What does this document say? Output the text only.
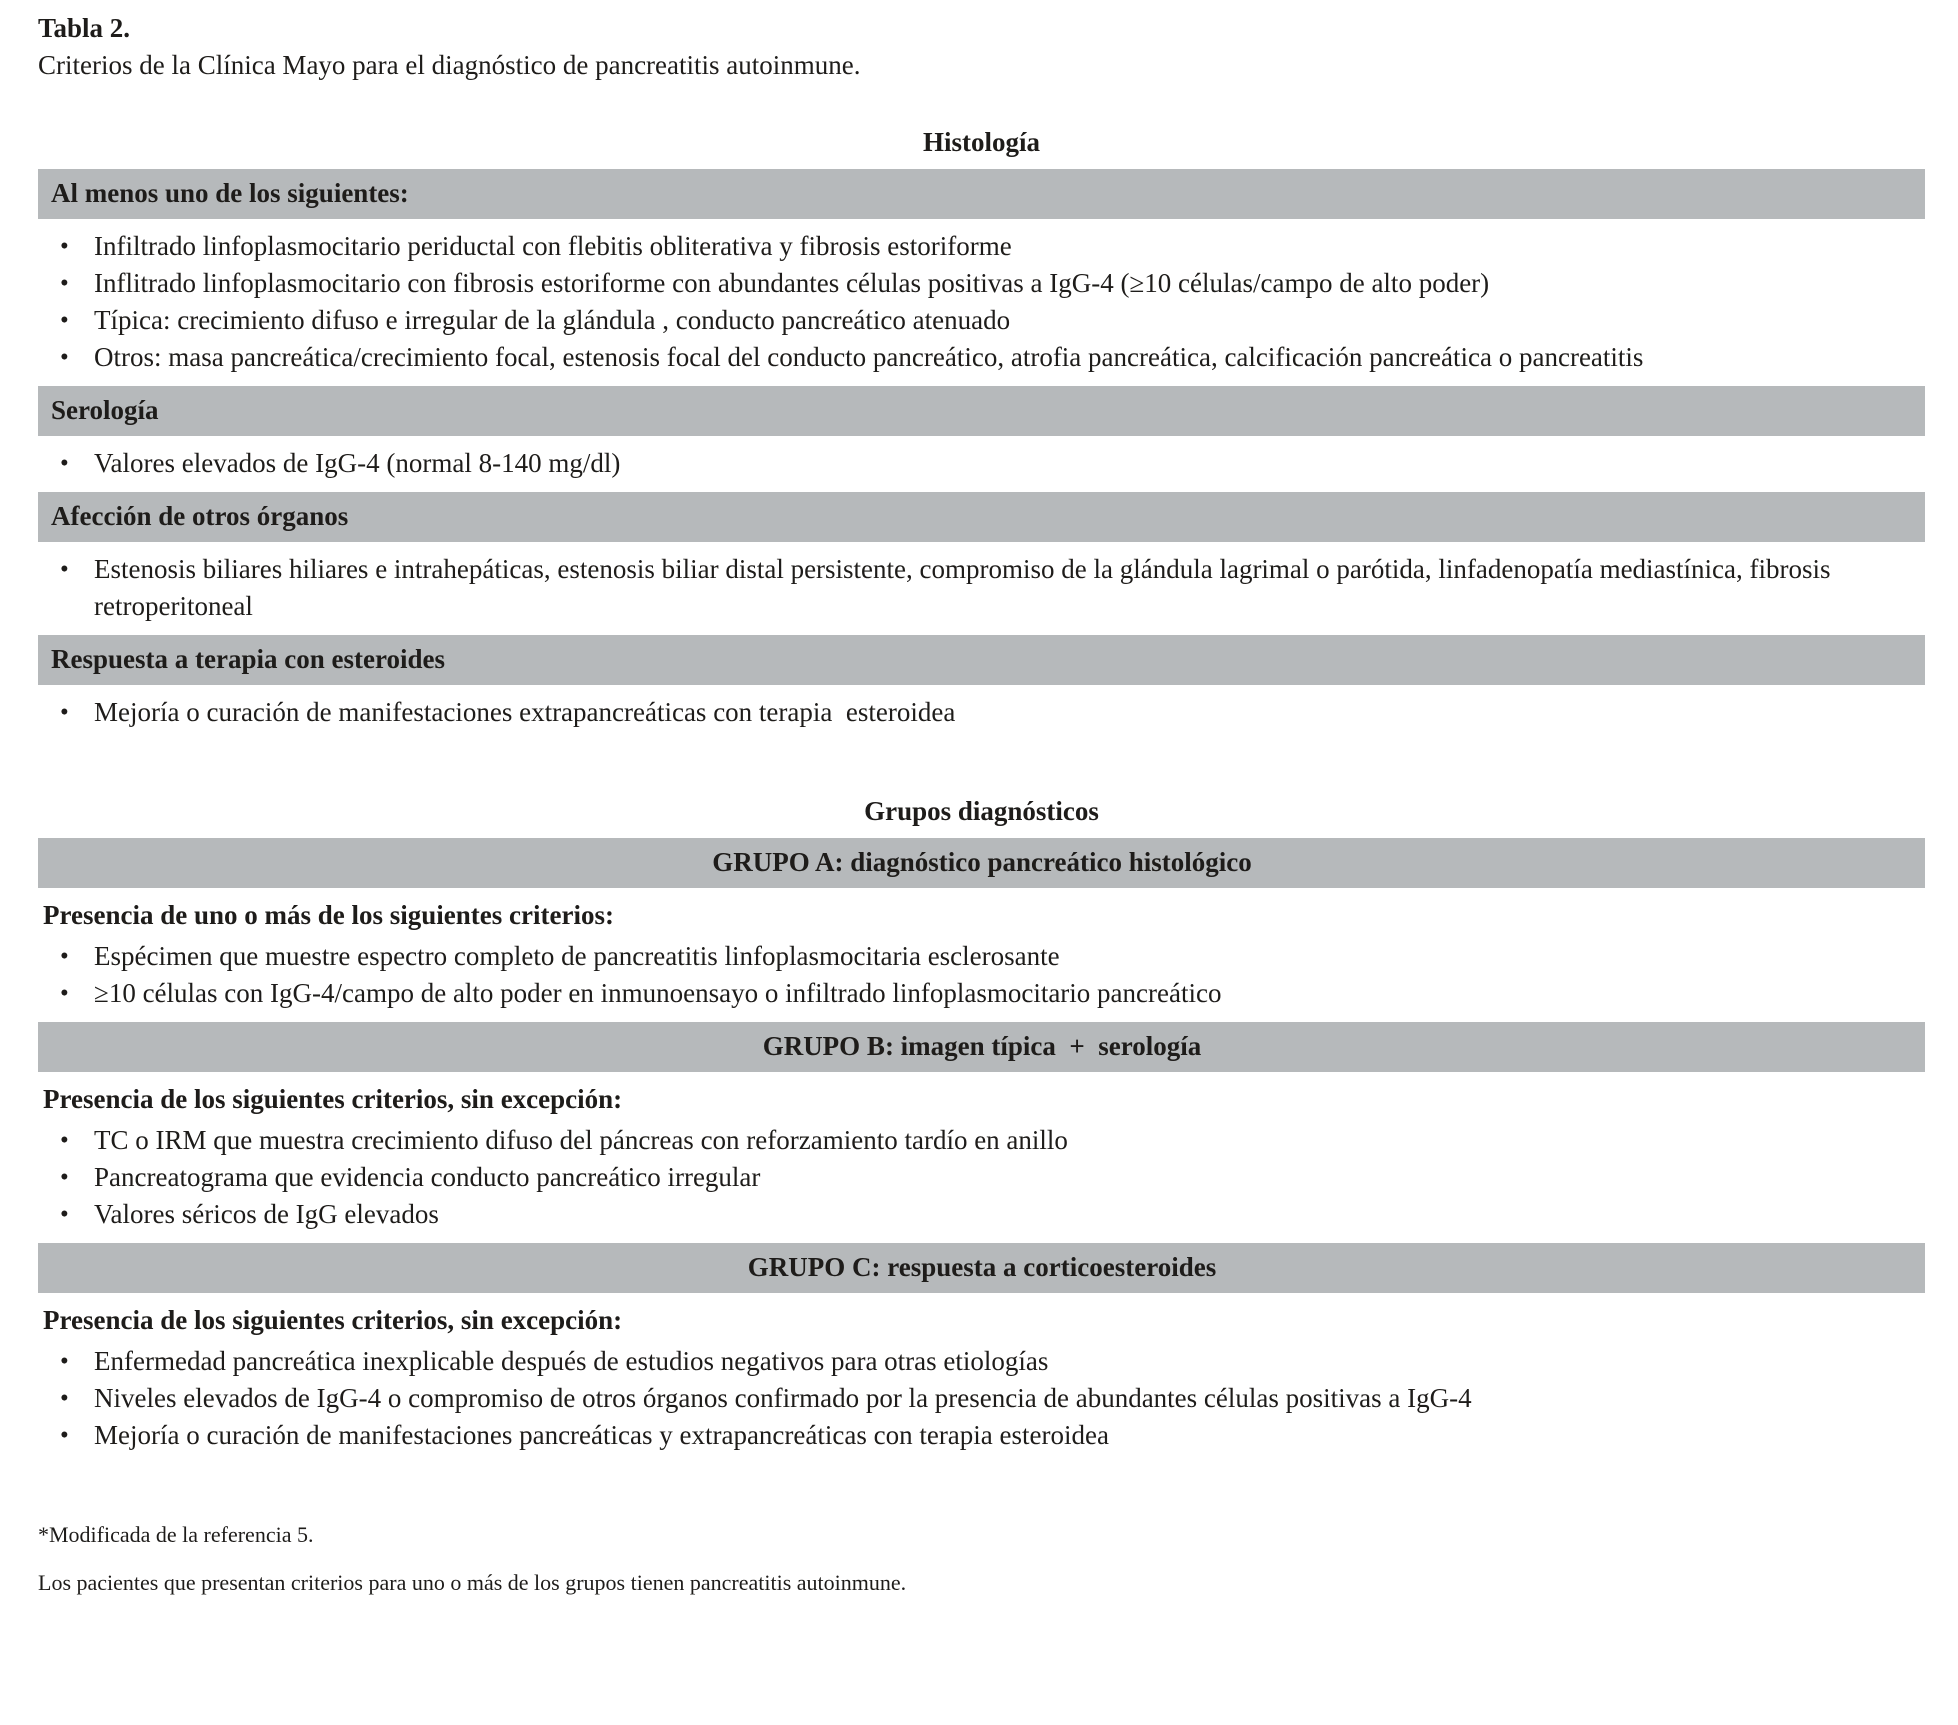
Tabla 2.
Criterios de la Clínica Mayo para el diagnóstico de pancreatitis autoinmune.
Histología
Al menos uno de los siguientes:
• Infiltrado linfoplasmocitario periductal con flebitis obliterativa y fibrosis estoriforme
• Inflitrado linfoplasmocitario con fibrosis estoriforme con abundantes células positivas a IgG-4 (≥10 células/campo de alto poder)
• Típica: crecimiento difuso e irregular de la glándula , conducto pancreático atenuado
• Otros: masa pancreática/crecimiento focal, estenosis focal del conducto pancreático, atrofia pancreática, calcificación pancreática o pancreatitis
Serología
• Valores elevados de IgG-4 (normal 8-140 mg/dl)
Afección de otros órganos
• Estenosis biliares hiliares e intrahepáticas, estenosis biliar distal persistente, compromiso de la glándula lagrimal o parótida, linfadenopatía mediastínica, fibrosis retroperitoneal
Respuesta a terapia con esteroides
• Mejoría o curación de manifestaciones extrapancreáticas con terapia  esteroidea
Grupos diagnósticos
GRUPO A: diagnóstico pancreático histológico
Presencia de uno o más de los siguientes criterios:
• Espécimen que muestre espectro completo de pancreatitis linfoplasmocitaria esclerosante
• ≥10 células con IgG-4/campo de alto poder en inmunoensayo o infiltrado linfoplasmocitario pancreático
GRUPO B: imagen típica  +  serología
Presencia de los siguientes criterios, sin excepción:
• TC o IRM que muestra crecimiento difuso del páncreas con reforzamiento tardío en anillo
• Pancreatograma que evidencia conducto pancreático irregular
• Valores séricos de IgG elevados
GRUPO C: respuesta a corticoesteroides
Presencia de los siguientes criterios, sin excepción:
• Enfermedad pancreática inexplicable después de estudios negativos para otras etiologías
• Niveles elevados de IgG-4 o compromiso de otros órganos confirmado por la presencia de abundantes células positivas a IgG-4
• Mejoría o curación de manifestaciones pancreáticas y extrapancreáticas con terapia esteroidea
*Modificada de la referencia 5.
Los pacientes que presentan criterios para uno o más de los grupos tienen pancreatitis autoinmune.
